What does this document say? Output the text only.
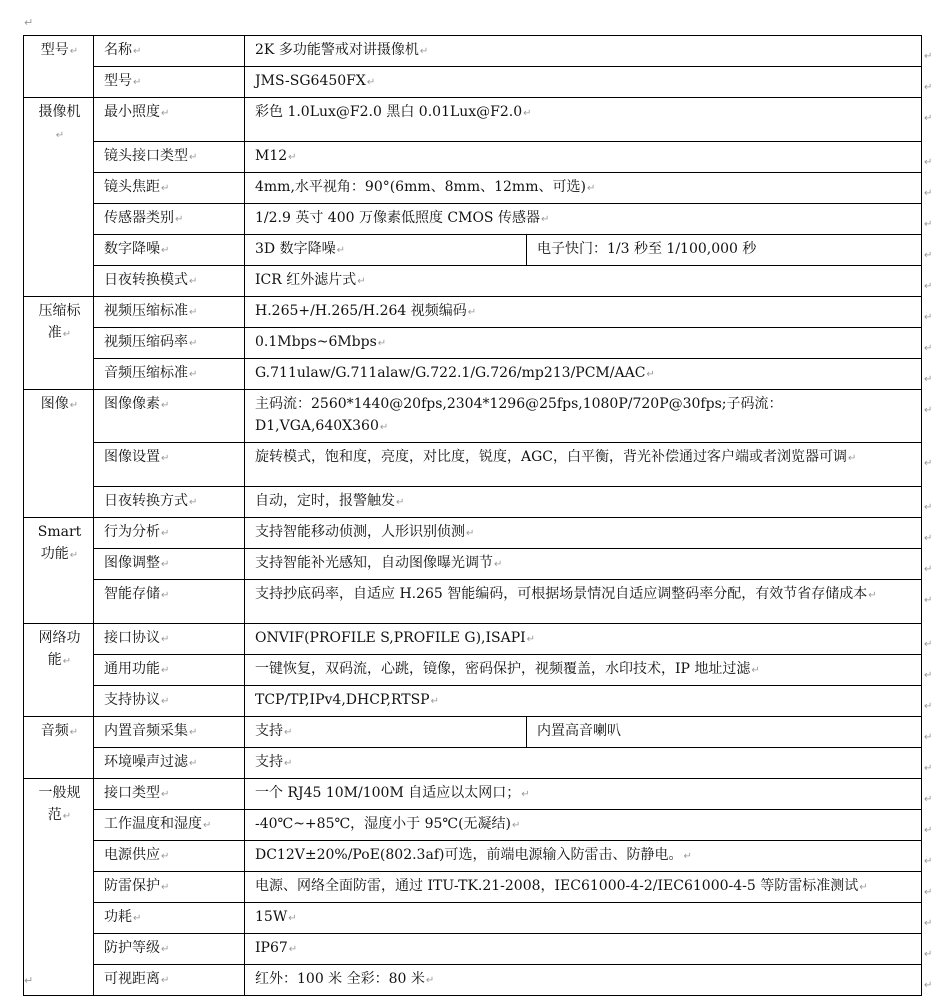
↵
型号↵	名称↵	2K 多功能警戒对讲摄像机↵		↵

	型号↵	JMS-SG6450FX↵		↵

摄像机↵	最小照度↵	彩色 1.0Lux@F2.0 黑白 0.01Lux@F2.0↵		↵

	镜头接口类型↵	M12↵		↵

	镜头焦距↵	4mm,水平视角：90°(6mm、8mm、12mm、可选)↵		↵

	传感器类别↵	1/2.9 英寸 400 万像素低照度 CMOS 传感器↵		↵

	数字降噪↵	3D 数字降噪↵	电子快门：1/3 秒至 1/100,000 秒	↵

	日夜转换模式↵	ICR 红外滤片式↵		↵

压缩标准↵	视频压缩标准↵	H.265+/H.265/H.264 视频编码↵		↵

	视频压缩码率↵	0.1Mbps~6Mbps↵		↵

	音频压缩标准↵	G.711ulaw/G.711alaw/G.722.1/G.726/mp213/PCM/AAC↵		↵

图像↵	图像像素↵	主码流：2560*1440@20fps,2304*1296@25fps,1080P/720P@30fps;子码流：D1,VGA,640X360↵		↵

	图像设置↵	旋转模式，饱和度，亮度，对比度，锐度，AGC，白平衡，背光补偿通过客户端或者浏览器可调↵		↵

	日夜转换方式↵	自动，定时，报警触发↵		↵

Smart 功能↵	行为分析↵	支持智能移动侦测，人形识别侦测↵		↵

	图像调整↵	支持智能补光感知，自动图像曝光调节↵		↵

	智能存储↵	支持抄底码率，自适应 H.265 智能编码，可根据场景情况自适应调整码率分配，有效节省存储成本↵		↵

网络功能↵	接口协议↵	ONVIF(PROFILE S,PROFILE G),ISAPI↵		↵

	通用功能↵	一键恢复，双码流，心跳，镜像，密码保护，视频覆盖，水印技术，IP 地址过滤↵		↵

	支持协议↵	TCP/TP,IPv4,DHCP,RTSP↵		↵

音频↵	内置音频采集↵	支持↵	内置高音喇叭	↵

	环境噪声过滤↵	支持↵		↵

一般规范↵	接口类型↵	一个 RJ45 10M/100M 自适应以太网口；↵		↵

	工作温度和湿度↵	-40℃~+85℃，湿度小于 95℃(无凝结)↵		↵

	电源供应↵	DC12V±20%/PoE(802.3af)可选，前端电源输入防雷击、防静电。↵		↵

	防雷保护↵	电源、网络全面防雷，通过 ITU-TK.21-2008，IEC61000-4-2/IEC61000-4-5 等防雷标准测试↵		↵

	功耗↵	15W↵		↵

	防护等级↵	IP67↵		↵

	可视距离↵	红外：100 米 全彩：80 米↵		↵
↵
